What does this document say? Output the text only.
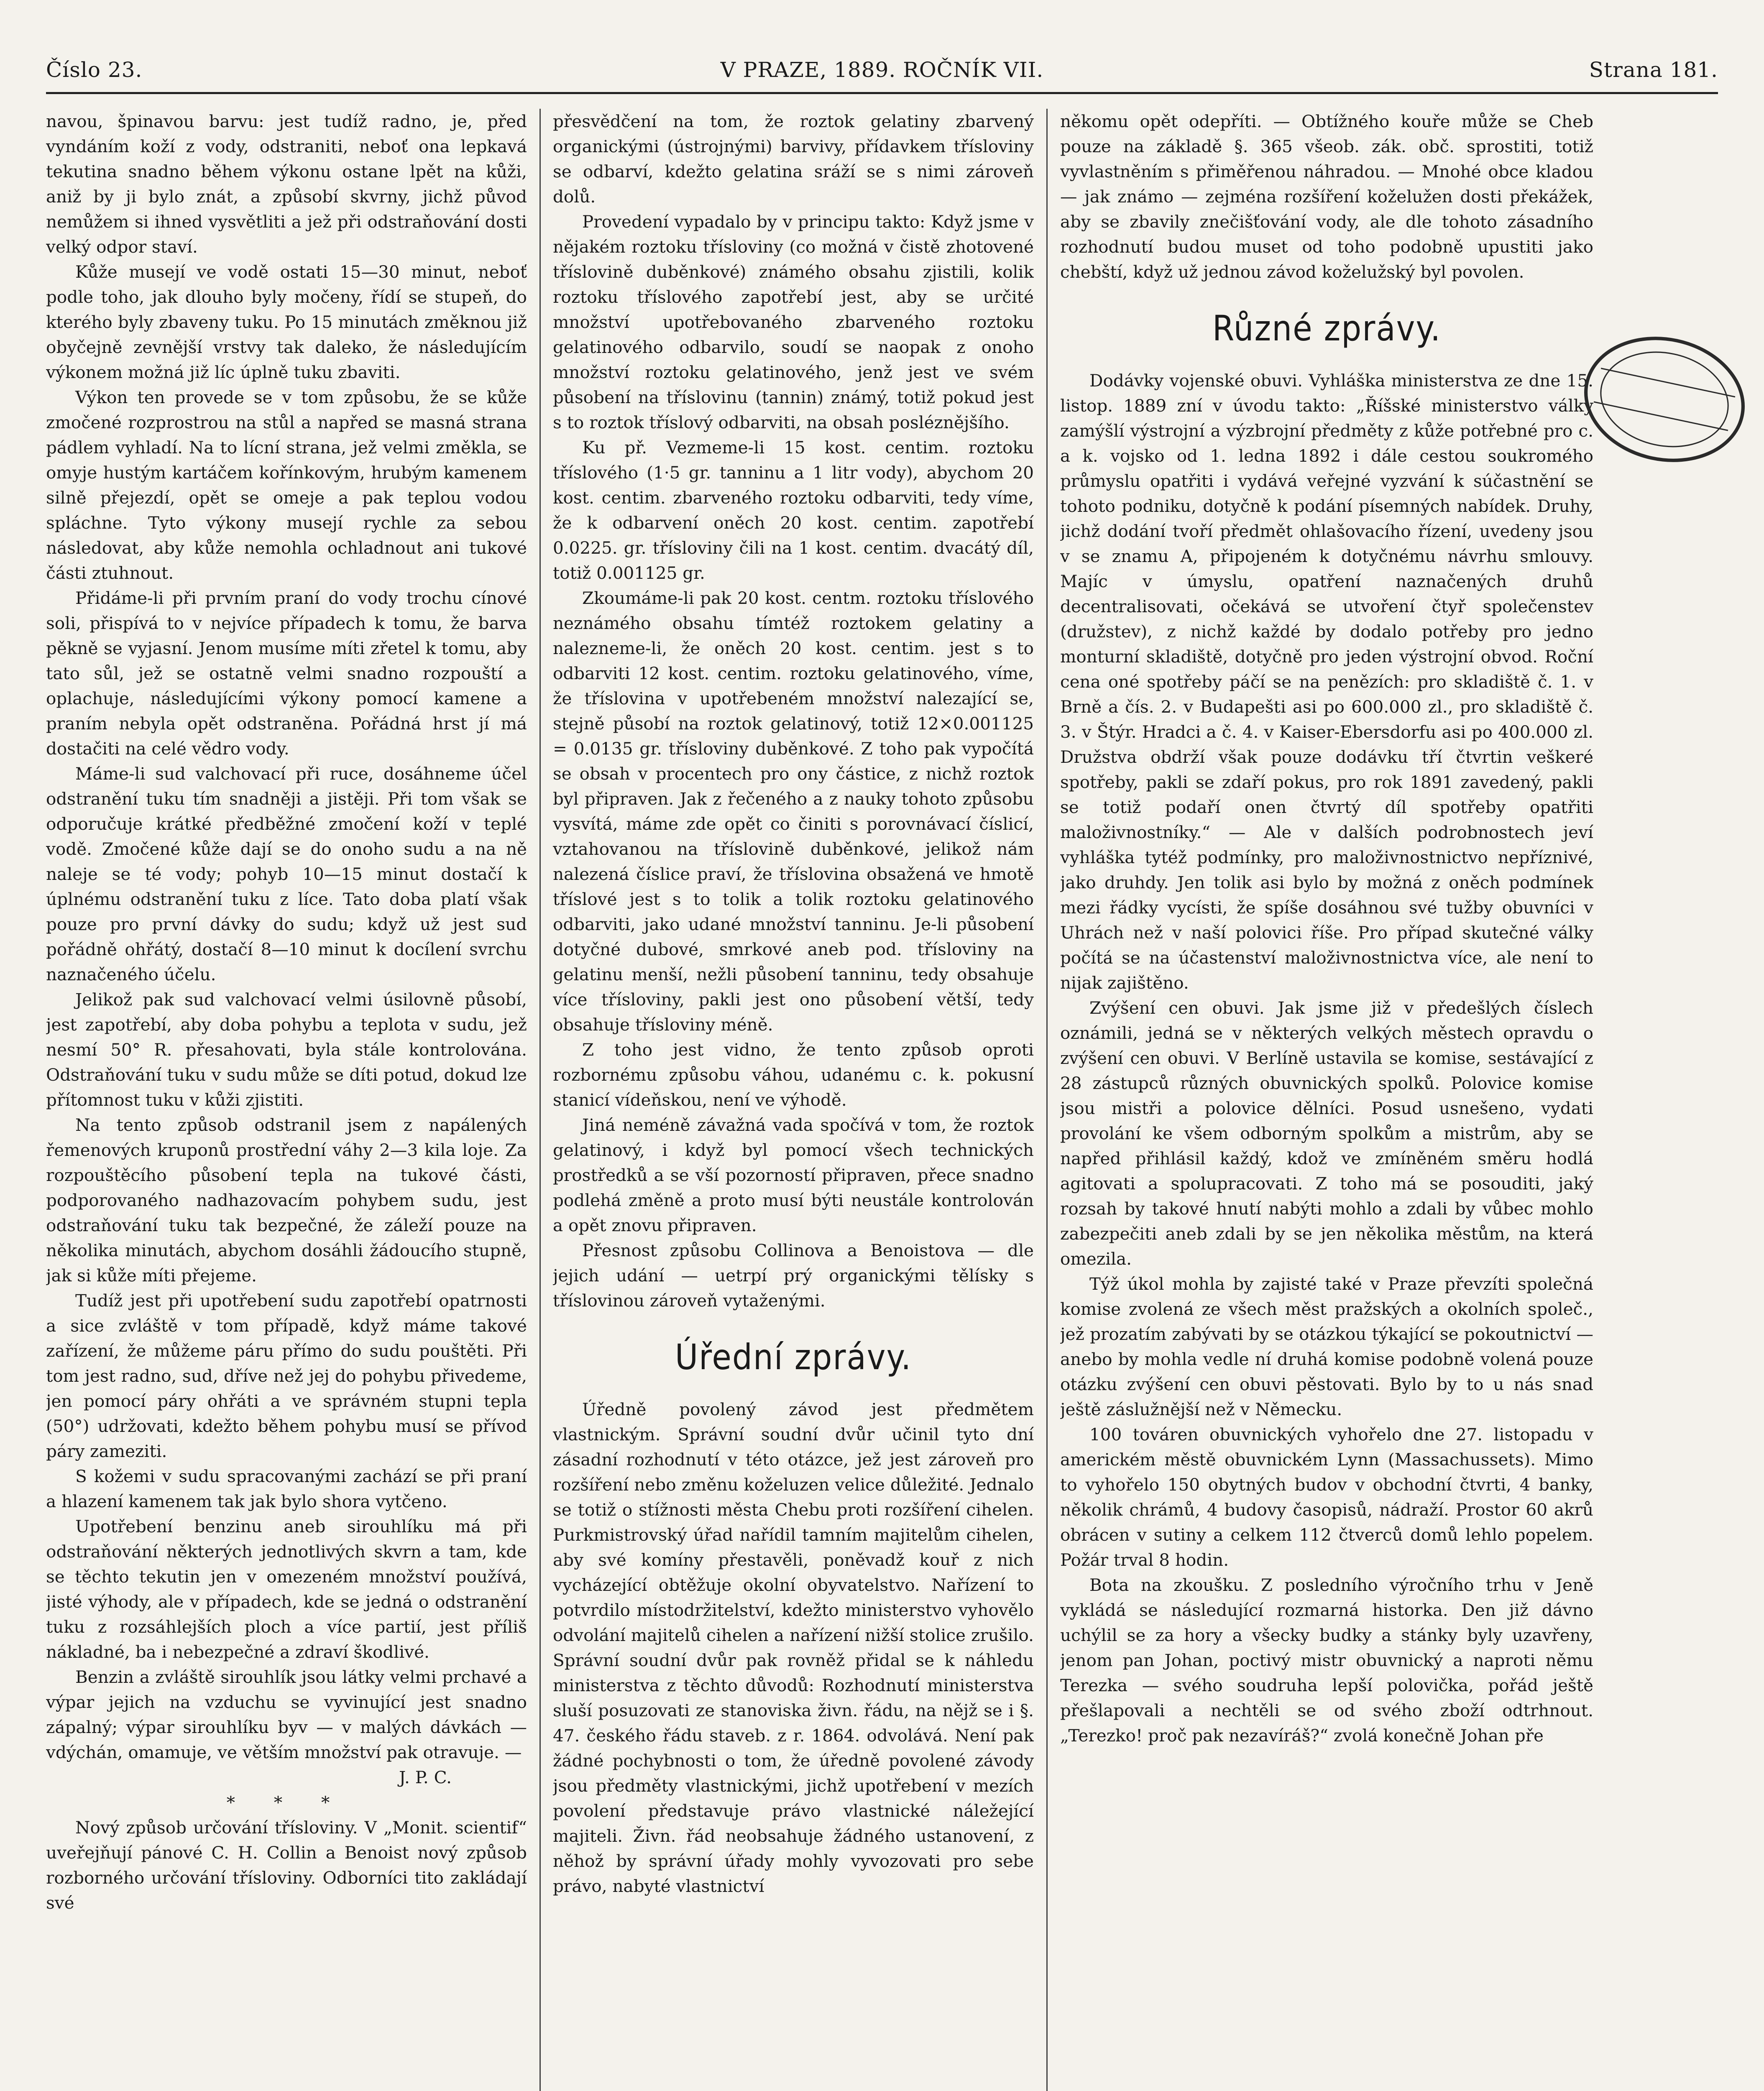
Číslo 23.	V PRAZE, 1889. ROČNÍK VII.	Strana 181.

navou, špinavou barvu: jest tudíž radno, je, před vyndáním koží z vody, odstraniti, neboť ona lepkavá tekutina snadno během výkonu ostane lpět na kůži, aniž by ji bylo znát, a způsobí skvrny, jichž původ nemůžem si ihned vysvětliti a jež při odstraňování dosti velký odpor staví.

Kůže musejí ve vodě ostati 15—30 minut, neboť podle toho, jak dlouho byly močeny, řídí se stupeň, do kterého byly zbaveny tuku. Po 15 minutách změknou již obyčejně zevnější vrstvy tak daleko, že následujícím výkonem možná již líc úplně tuku zbaviti.

Výkon ten provede se v tom způsobu, že se kůže zmočené rozprostrou na stůl a napřed se masná strana pádlem vyhladí. Na to lícní strana, jež velmi změkla, se omyje hustým kartáčem kořínkovým, hrubým kamenem silně přejezdí, opět se omeje a pak teplou vodou spláchne. Tyto výkony musejí rychle za sebou následovat, aby kůže nemohla ochladnout ani tukové části ztuhnout.

Přidáme-li při prvním praní do vody trochu cínové soli, přispívá to v nejvíce případech k tomu, že barva pěkně se vyjasní. Jenom musíme míti zřetel k tomu, aby tato sůl, jež se ostatně velmi snadno rozpouští a oplachuje, následujícími výkony pomocí kamene a praním nebyla opět odstraněna. Pořádná hrst jí má dostačiti na celé vědro vody.

Máme-li sud valchovací při ruce, dosáhneme účel odstranění tuku tím snadněji a jistěji. Při tom však se odporučuje krátké předběžné zmočení koží v teplé vodě. Zmočené kůže dají se do onoho sudu a na ně naleje se té vody; pohyb 10—15 minut dostačí k úplnému odstranění tuku z líce. Tato doba platí však pouze pro první dávky do sudu; když už jest sud pořádně ohřátý, dostačí 8—10 minut k docílení svrchu naznačeného účelu.

Jelikož pak sud valchovací velmi úsilovně působí, jest zapotřebí, aby doba pohybu a teplota v sudu, jež nesmí 50° R. přesahovati, byla stále kontrolována. Odstraňování tuku v sudu může se díti potud, dokud lze přítomnost tuku v kůži zjistiti.

Na tento způsob odstranil jsem z napálených řemenových kruponů prostřední váhy 2—3 kila loje. Za rozpouštěcího působení tepla na tukové části, podporovaného nadhazovacím pohybem sudu, jest odstraňování tuku tak bezpečné, že záleží pouze na několika minutách, abychom dosáhli žádoucího stupně, jak si kůže míti přejeme.

Tudíž jest při upotřebení sudu zapotřebí opatrnosti a sice zvláště v tom případě, když máme takové zařízení, že můžeme páru přímo do sudu pouštěti. Při tom jest radno, sud, dříve než jej do pohybu přivedeme, jen pomocí páry ohřáti a ve správném stupni tepla (50°) udržovati, kdežto během pohybu musí se přívod páry zameziti.

S kožemi v sudu spracovanými zachází se při praní a hlazení kamenem tak jak bylo shora vytčeno.

Upotřebení benzinu aneb sirouhlíku má při odstraňování některých jednotlivých skvrn a tam, kde se těchto tekutin jen v omezeném množství používá, jisté výhody, ale v případech, kde se jedná o odstranění tuku z rozsáhlejších ploch a více partií, jest příliš nákladné, ba i nebezpečné a zdraví škodlivé.

Benzin a zvláště sirouhlík jsou látky velmi prchavé a výpar jejich na vzduchu se vyvinující jest snadno zápalný; výpar sirouhlíku byv — v malých dávkách — vdýchán, omamuje, ve větším množství pak otravuje. —

J. P. C.

* * *

Nový způsob určování třísloviny. V „Monit. scientif“ uveřejňují pánové C. H. Collin a Benoist nový způsob rozborného určování třísloviny. Odborníci tito zakládají své

přesvědčení na tom, že roztok gelatiny zbarvený organickými (ústrojnými) barvivy, přídavkem třísloviny se odbarví, kdežto gelatina sráží se s nimi zároveň dolů.

Provedení vypadalo by v principu takto: Když jsme v nějakém roztoku třísloviny (co možná v čistě zhotovené tříslovině duběnkové) známého obsahu zjistili, kolik roztoku tříslového zapotřebí jest, aby se určité množství upotřebovaného zbarveného roztoku gelatinového odbarvilo, soudí se naopak z onoho množství roztoku gelatinového, jenž jest ve svém působení na tříslovinu (tannin) známý, totiž pokud jest s to roztok tříslový odbarviti, na obsah posléznějšího.

Ku př. Vezmeme-li 15 kost. centim. roztoku tříslového (1·5 gr. tanninu a 1 litr vody), abychom 20 kost. centim. zbarveného roztoku odbarviti, tedy víme, že k odbarvení oněch 20 kost. centim. zapotřebí 0.0225. gr. třísloviny čili na 1 kost. centim. dvacátý díl, totiž 0.001125 gr.

Zkoumáme-li pak 20 kost. centm. roztoku tříslového neznámého obsahu tímtéž roztokem gelatiny a nalezneme-li, že oněch 20 kost. centim. jest s to odbarviti 12 kost. centim. roztoku gelatinového, víme, že tříslovina v upotřebeném množství nalezající se, stejně působí na roztok gelatinový, totiž 12×0.001125 = 0.0135 gr. třísloviny duběnkové. Z toho pak vypočítá se obsah v procentech pro ony částice, z nichž roztok byl připraven. Jak z řečeného a z nauky tohoto způsobu vysvítá, máme zde opět co činiti s porovnávací číslicí, vztahovanou na tříslovině duběnkové, jelikož nám nalezená číslice praví, že tříslovina obsažená ve hmotě tříslové jest s to tolik a tolik roztoku gelatinového odbarviti, jako udané množství tanninu. Je-li působení dotyčné dubové, smrkové aneb pod. třísloviny na gelatinu menší, nežli působení tanninu, tedy obsahuje více třísloviny, pakli jest ono působení větší, tedy obsahuje třísloviny méně.

Z toho jest vidno, že tento způsob oproti rozbornému způsobu váhou, udanému c. k. pokusní stanicí vídeňskou, není ve výhodě.

Jiná neméně závažná vada spočívá v tom, že roztok gelatinový, i když byl pomocí všech technických prostředků a se vší pozorností připraven, přece snadno podlehá změně a proto musí býti neustále kontrolován a opět znovu připraven.

Přesnost způsobu Collinova a Benoistova — dle jejich udání — uetrpí prý organickými tělísky s tříslovinou zároveň vytaženými.

Úřední zprávy.

Úředně povolený závod jest předmětem vlastnickým. Správní soudní dvůr učinil tyto dní zásadní rozhodnutí v této otázce, jež jest zároveň pro rozšíření nebo změnu koželuzen velice důležité. Jednalo se totiž o stížnosti města Chebu proti rozšíření cihelen. Purkmistrovský úřad nařídil tamním majitelům cihelen, aby své komíny přestavěli, poněvadž kouř z nich vycházející obtěžuje okolní obyvatelstvo. Nařízení to potvrdilo místodržitelství, kdežto ministerstvo vyhovělo odvolání majitelů cihelen a nařízení nižší stolice zrušilo. Správní soudní dvůr pak rovněž přidal se k náhledu ministerstva z těchto důvodů: Rozhodnutí ministerstva sluší posuzovati ze stanoviska živn. řádu, na nějž se i §. 47. českého řádu staveb. z r. 1864. odvolává. Není pak žádné pochybnosti o tom, že úředně povolené závody jsou předměty vlastnickými, jichž upotřebení v mezích povolení představuje právo vlastnické náležející majiteli. Živn. řád neobsahuje žádného ustanovení, z něhož by správní úřady mohly vyvozovati pro sebe právo, nabyté vlastnictví

někomu opět odepříti. — Obtížného kouře může se Cheb pouze na základě §. 365 všeob. zák. obč. sprostiti, totiž vyvlastněním s přiměřenou náhradou. — Mnohé obce kladou — jak známo — zejména rozšíření koželužen dosti překážek, aby se zbavily znečišťování vody, ale dle tohoto zásadního rozhodnutí budou muset od toho podobně upustiti jako chebští, když už jednou závod koželužský byl povolen.

Různé zprávy.

Dodávky vojenské obuvi. Vyhláška ministerstva ze dne 15. listop. 1889 zní v úvodu takto: „Říšské ministerstvo války zamýšlí výstrojní a výzbrojní předměty z kůže potřebné pro c. a k. vojsko od 1. ledna 1892 i dále cestou soukromého průmyslu opatřiti i vydává veřejné vyzvání k súčastnění se tohoto podniku, dotyčně k podání písemných nabídek. Druhy, jichž dodání tvoří předmět ohlašovacího řízení, uvedeny jsou v se znamu A, připojeném k dotyčnému návrhu smlouvy. Majíc v úmyslu, opatření naznačených druhů decentralisovati, očekává se utvoření čtyř společenstev (družstev), z nichž každé by dodalo potřeby pro jedno monturní skladiště, dotyčně pro jeden výstrojní obvod. Roční cena oné spotřeby páčí se na penězích: pro skladiště č. 1. v Brně a čís. 2. v Budapešti asi po 600.000 zl., pro skladiště č. 3. v Štýr. Hradci a č. 4. v Kaiser-Ebersdorfu asi po 400.000 zl. Družstva obdrží však pouze dodávku tří čtvrtin veškeré spotřeby, pakli se zdaří pokus, pro rok 1891 zavedený, pakli se totiž podaří onen čtvrtý díl spotřeby opatřiti maloživnostníky.“ — Ale v dalších podrobnostech jeví vyhláška tytéž podmínky, pro maloživnostnictvo nepříznivé, jako druhdy. Jen tolik asi bylo by možná z oněch podmínek mezi řádky vycísti, že spíše dosáhnou své tužby obuvníci v Uhrách než v naší polovici říše. Pro případ skutečné války počítá se na účastenství maloživnostnictva více, ale není to nijak zajištěno.

Zvýšení cen obuvi. Jak jsme již v předešlých číslech oznámili, jedná se v některých velkých městech opravdu o zvýšení cen obuvi. V Berlíně ustavila se komise, sestávající z 28 zástupců různých obuvnických spolků. Polovice komise jsou mistři a polovice dělníci. Posud usnešeno, vydati provolání ke všem odborným spolkům a mistrům, aby se napřed přihlásil každý, kdož ve zmíněném směru hodlá agitovati a spolupracovati. Z toho má se posouditi, jaký rozsah by takové hnutí nabýti mohlo a zdali by vůbec mohlo zabezpečiti aneb zdali by se jen několika městům, na která omezila.

Týž úkol mohla by zajisté také v Praze převzíti společná komise zvolená ze všech měst pražských a okolních společ., jež prozatím zabývati by se otázkou týkající se pokoutnictví — anebo by mohla vedle ní druhá komise podobně volená pouze otázku zvýšení cen obuvi pěstovati. Bylo by to u nás snad ještě záslužnější než v Německu.

100 továren obuvnických vyhořelo dne 27. listopadu v americkém městě obuvnickém Lynn (Massachussets). Mimo to vyhořelo 150 obytných budov v obchodní čtvrti, 4 banky, několik chrámů, 4 budovy časopisů, nádraží. Prostor 60 akrů obrácen v sutiny a celkem 112 čtverců domů lehlo popelem. Požár trval 8 hodin.

Bota na zkoušku. Z posledního výročního trhu v Jeně vykládá se následující rozmarná historka. Den již dávno uchýlil se za hory a všecky budky a stánky byly uzavřeny, jenom pan Johan, poctivý mistr obuvnický a naproti němu Terezka — svého soudruha lepší polovička, pořád ještě přešlapovali a nechtěli se od svého zboží odtrhnout. „Terezko! proč pak nezavíráš?“ zvolá konečně Johan pře
